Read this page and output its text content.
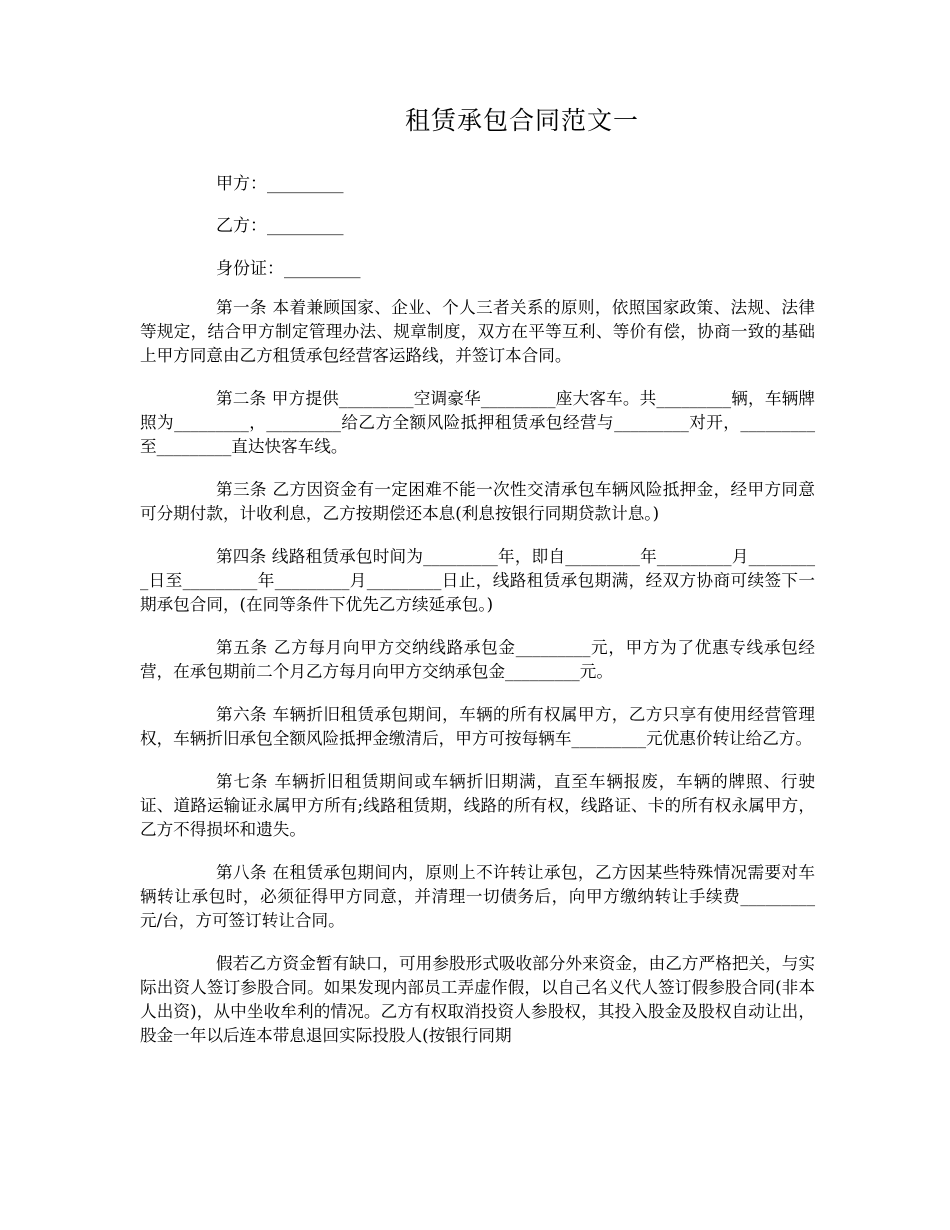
租赁承包合同范文一
甲方：_________
乙方：_________
身份证：_________

第一条 本着兼顾国家、企业、个人三者关系的原则，依照国家政策、法规、法律等规定，结合甲方制定管理办法、规章制度，双方在平等互利、等价有偿，协商一致的基础上甲方同意由乙方租赁承包经营客运路线，并签订本合同。

第二条 甲方提供_________空调豪华_________座大客车。共_________辆，车辆牌照为_________，_________给乙方全额风险抵押租赁承包经营与_________对开，_________至_________直达快客车线。

第三条 乙方因资金有一定困难不能一次性交清承包车辆风险抵押金，经甲方同意可分期付款，计收利息，乙方按期偿还本息(利息按银行同期贷款计息。)

第四条 线路租赁承包时间为_________年，即自_________年_________月_________日至_________年_________月_________日止，线路租赁承包期满，经双方协商可续签下一期承包合同，(在同等条件下优先乙方续延承包。)

第五条 乙方每月向甲方交纳线路承包金_________元，甲方为了优惠专线承包经营，在承包期前二个月乙方每月向甲方交纳承包金_________元。

第六条 车辆折旧租赁承包期间，车辆的所有权属甲方，乙方只享有使用经营管理权，车辆折旧承包全额风险抵押金缴清后，甲方可按每辆车_________元优惠价转让给乙方。

第七条 车辆折旧租赁期间或车辆折旧期满，直至车辆报废，车辆的牌照、行驶证、道路运输证永属甲方所有;线路租赁期，线路的所有权，线路证、卡的所有权永属甲方，乙方不得损坏和遗失。

第八条 在租赁承包期间内，原则上不许转让承包，乙方因某些特殊情况需要对车辆转让承包时，必须征得甲方同意，并清理一切债务后，向甲方缴纳转让手续费_________元/台，方可签订转让合同。

假若乙方资金暂有缺口，可用参股形式吸收部分外来资金，由乙方严格把关，与实际出资人签订参股合同。如果发现内部员工弄虚作假，以自己名义代人签订假参股合同(非本人出资)，从中坐收牟利的情况。乙方有权取消投资人参股权，其投入股金及股权自动让出，股金一年以后连本带息退回实际投股人(按银行同期
